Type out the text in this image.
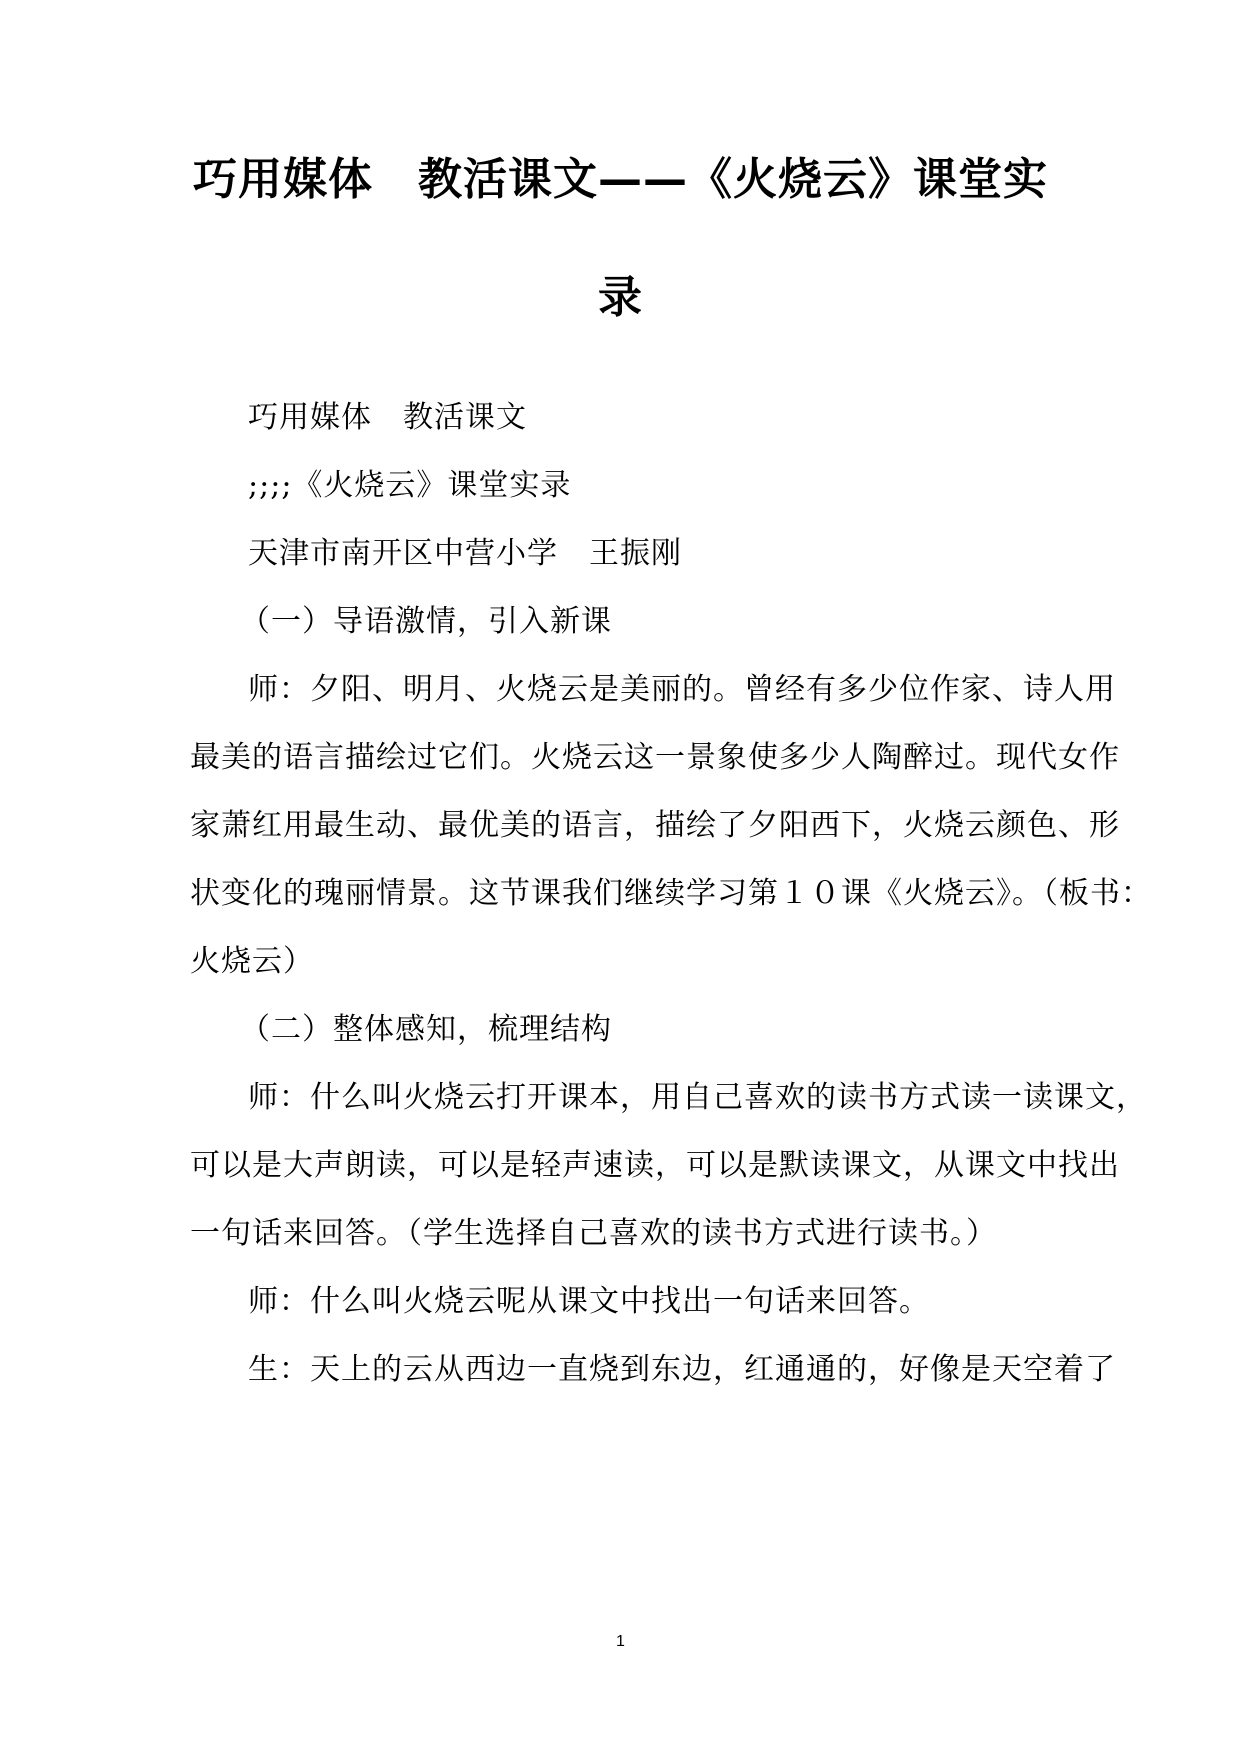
巧用媒体　教活课文——《火烧云》课堂实
录
巧用媒体　教活课文
;;;;《火烧云》课堂实录
天津市南开区中营小学　王振刚
（一）导语激情，引入新课
师：夕阳、明月、火烧云是美丽的。曾经有多少位作家、诗人用
最美的语言描绘过它们。火烧云这一景象使多少人陶醉过。现代女作
家萧红用最生动、最优美的语言，描绘了夕阳西下，火烧云颜色、形
状变化的瑰丽情景。这节课我们继续学习第１０课《火烧云》。（板书：
火烧云）
（二）整体感知，梳理结构
师：什么叫火烧云打开课本，用自己喜欢的读书方式读一读课文，
可以是大声朗读，可以是轻声速读，可以是默读课文，从课文中找出
一句话来回答。（学生选择自己喜欢的读书方式进行读书。）
师：什么叫火烧云呢从课文中找出一句话来回答。
生：天上的云从西边一直烧到东边，红通通的，好像是天空着了
1
